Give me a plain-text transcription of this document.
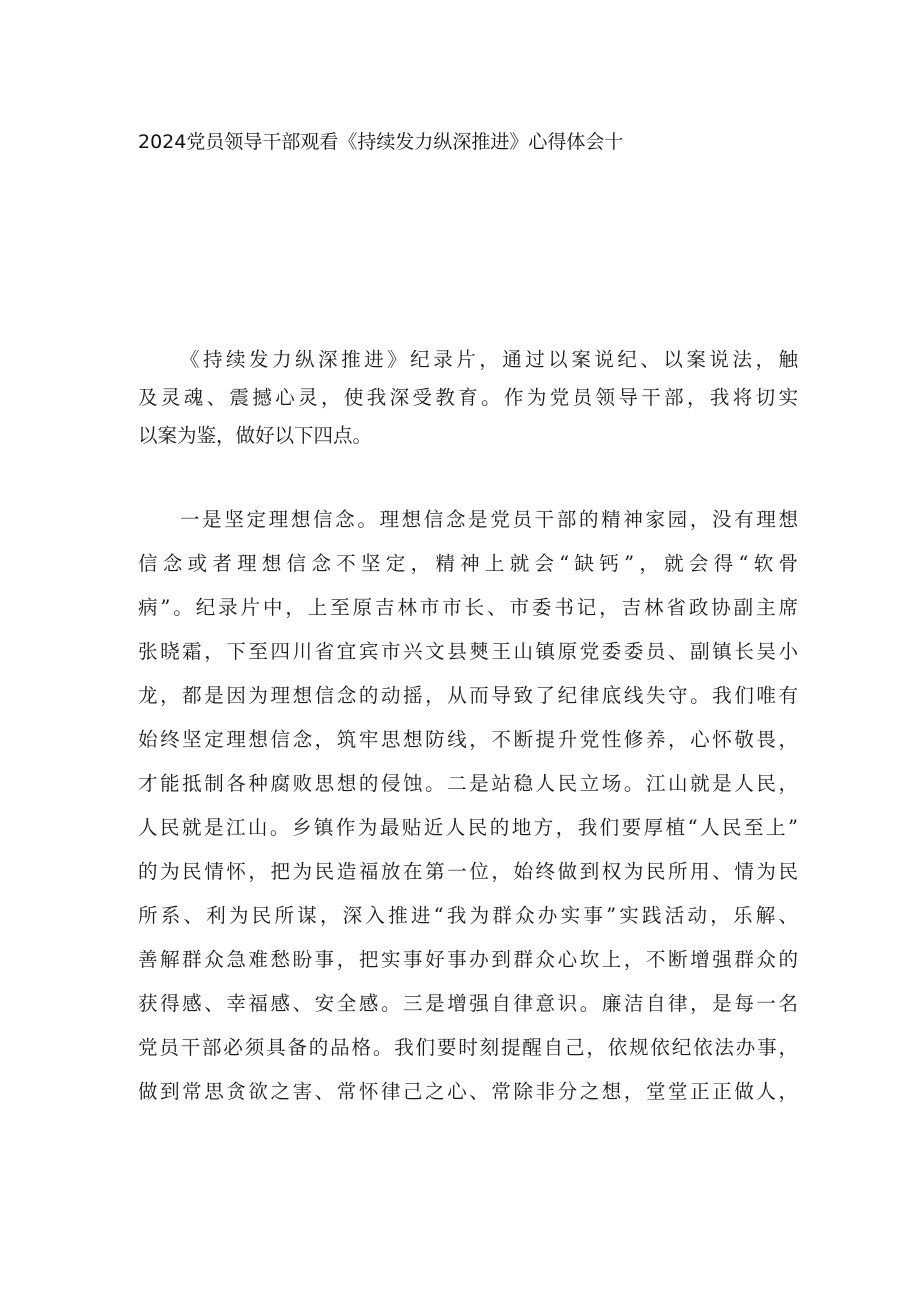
2024党员领导干部观看《持续发力纵深推进》心得体会十
《持续发力纵深推进》纪录片，通过以案说纪、以案说法，触
及灵魂、震撼心灵，使我深受教育。作为党员领导干部，我将切实
以案为鉴，做好以下四点。
一是坚定理想信念。理想信念是党员干部的精神家园，没有理想
信念或者理想信念不坚定，精神上就会“缺钙”，就会得“软骨
病”。纪录片中，上至原吉林市市长、市委书记，吉林省政协副主席
张晓霜，下至四川省宜宾市兴文县僰王山镇原党委委员、副镇长吴小
龙，都是因为理想信念的动摇，从而导致了纪律底线失守。我们唯有
始终坚定理想信念，筑牢思想防线，不断提升党性修养，心怀敬畏，
才能抵制各种腐败思想的侵蚀。二是站稳人民立场。江山就是人民，
人民就是江山。乡镇作为最贴近人民的地方，我们要厚植“人民至上”
的为民情怀，把为民造福放在第一位，始终做到权为民所用、情为民
所系、利为民所谋，深入推进“我为群众办实事”实践活动，乐解、
善解群众急难愁盼事，把实事好事办到群众心坎上，不断增强群众的
获得感、幸福感、安全感。三是增强自律意识。廉洁自律，是每一名
党员干部必须具备的品格。我们要时刻提醒自己，依规依纪依法办事，
做到常思贪欲之害、常怀律己之心、常除非分之想，堂堂正正做人，
